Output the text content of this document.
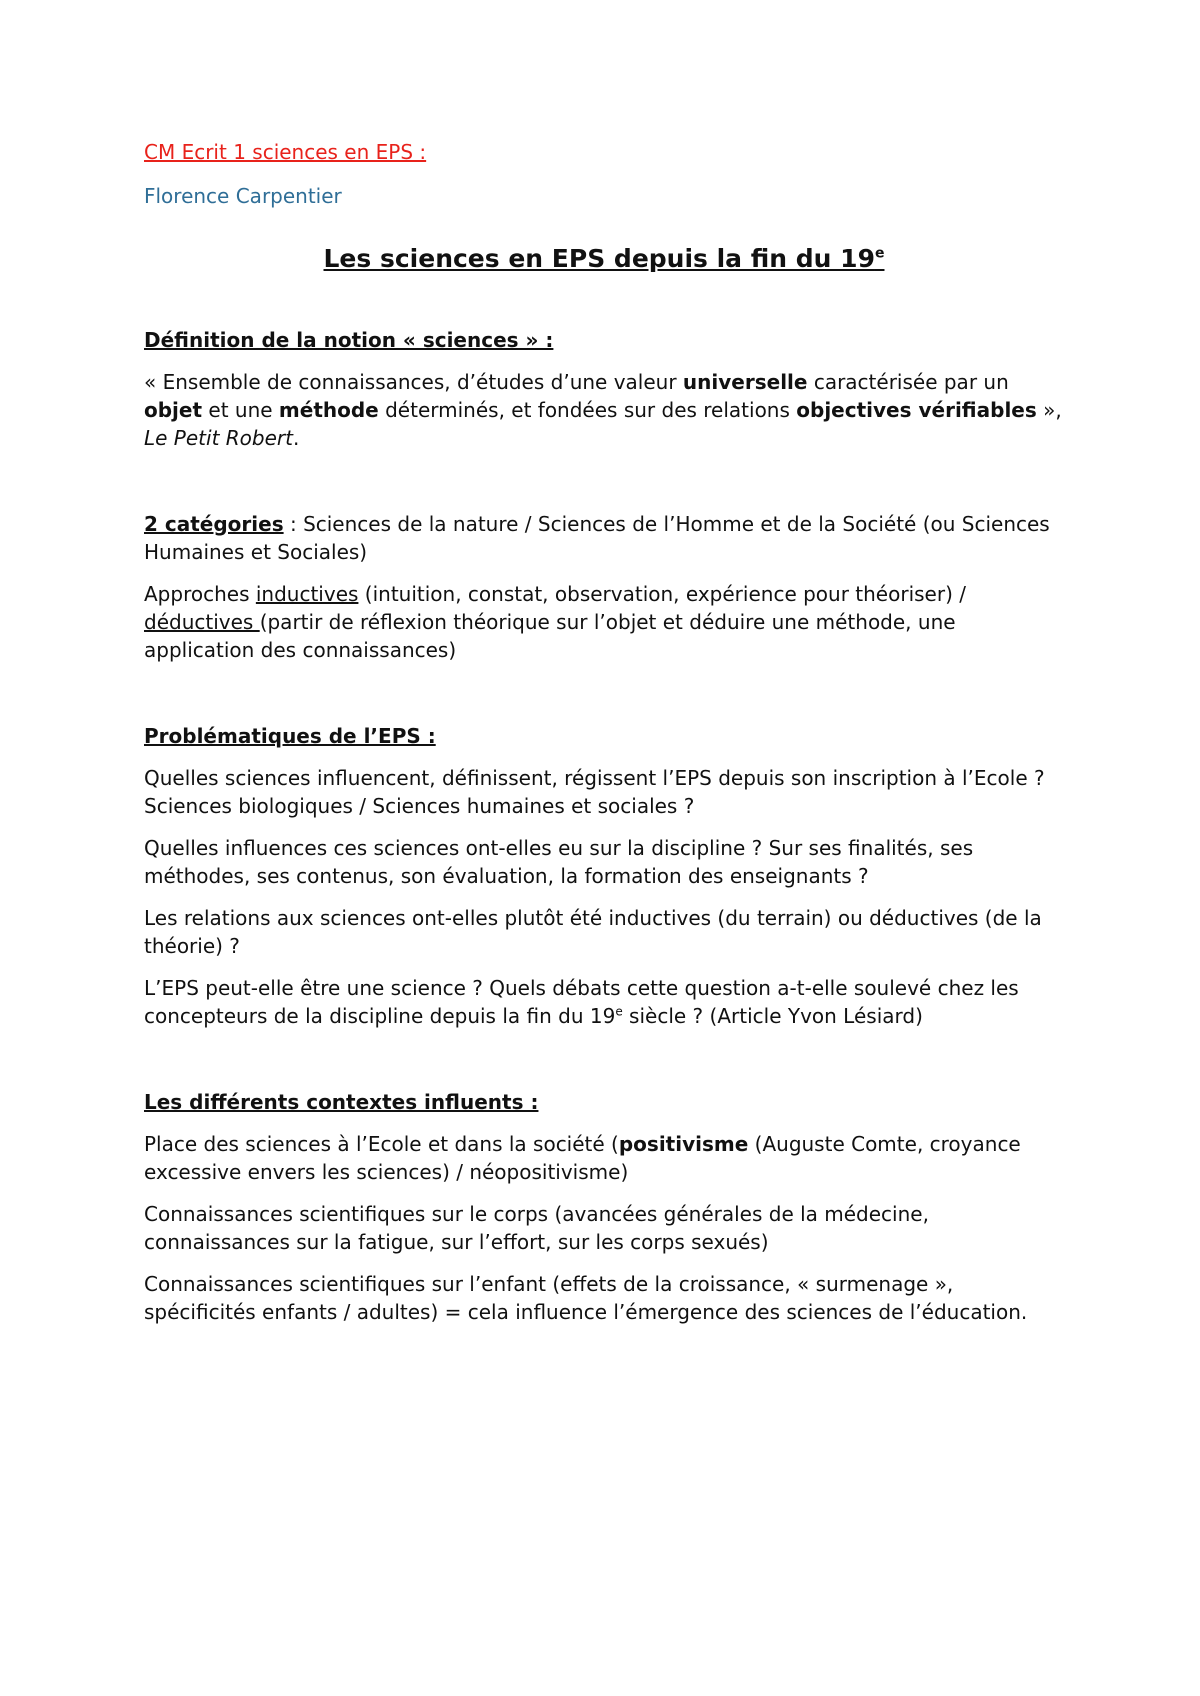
CM Ecrit 1 sciences en EPS :
Florence Carpentier
Les sciences en EPS depuis la fin du 19e
Définition de la notion « sciences » :
« Ensemble de connaissances, d’études d’une valeur universelle caractérisée par un objet et une méthode déterminés, et fondées sur des relations objectives vérifiables », Le Petit Robert.
2 catégories : Sciences de la nature / Sciences de l’Homme et de la Société (ou Sciences Humaines et Sociales)
Approches inductives (intuition, constat, observation, expérience pour théoriser) / déductives (partir de réflexion théorique sur l’objet et déduire une méthode, une application des connaissances)
Problématiques de l’EPS :
Quelles sciences influencent, définissent, régissent l’EPS depuis son inscription à l’Ecole ? Sciences biologiques / Sciences humaines et sociales ?
Quelles influences ces sciences ont-elles eu sur la discipline ? Sur ses finalités, ses méthodes, ses contenus, son évaluation, la formation des enseignants ?
Les relations aux sciences ont-elles plutôt été inductives (du terrain) ou déductives (de la théorie) ?
L’EPS peut-elle être une science ? Quels débats cette question a-t-elle soulevé chez les concepteurs de la discipline depuis la fin du 19e siècle ? (Article Yvon Lésiard)
Les différents contextes influents :
Place des sciences à l’Ecole et dans la société (positivisme (Auguste Comte, croyance excessive envers les sciences) / néopositivisme)
Connaissances scientifiques sur le corps (avancées générales de la médecine, connaissances sur la fatigue, sur l’effort, sur les corps sexués)
Connaissances scientifiques sur l’enfant (effets de la croissance, « surmenage », spécificités enfants / adultes) = cela influence l’émergence des sciences de l’éducation.
